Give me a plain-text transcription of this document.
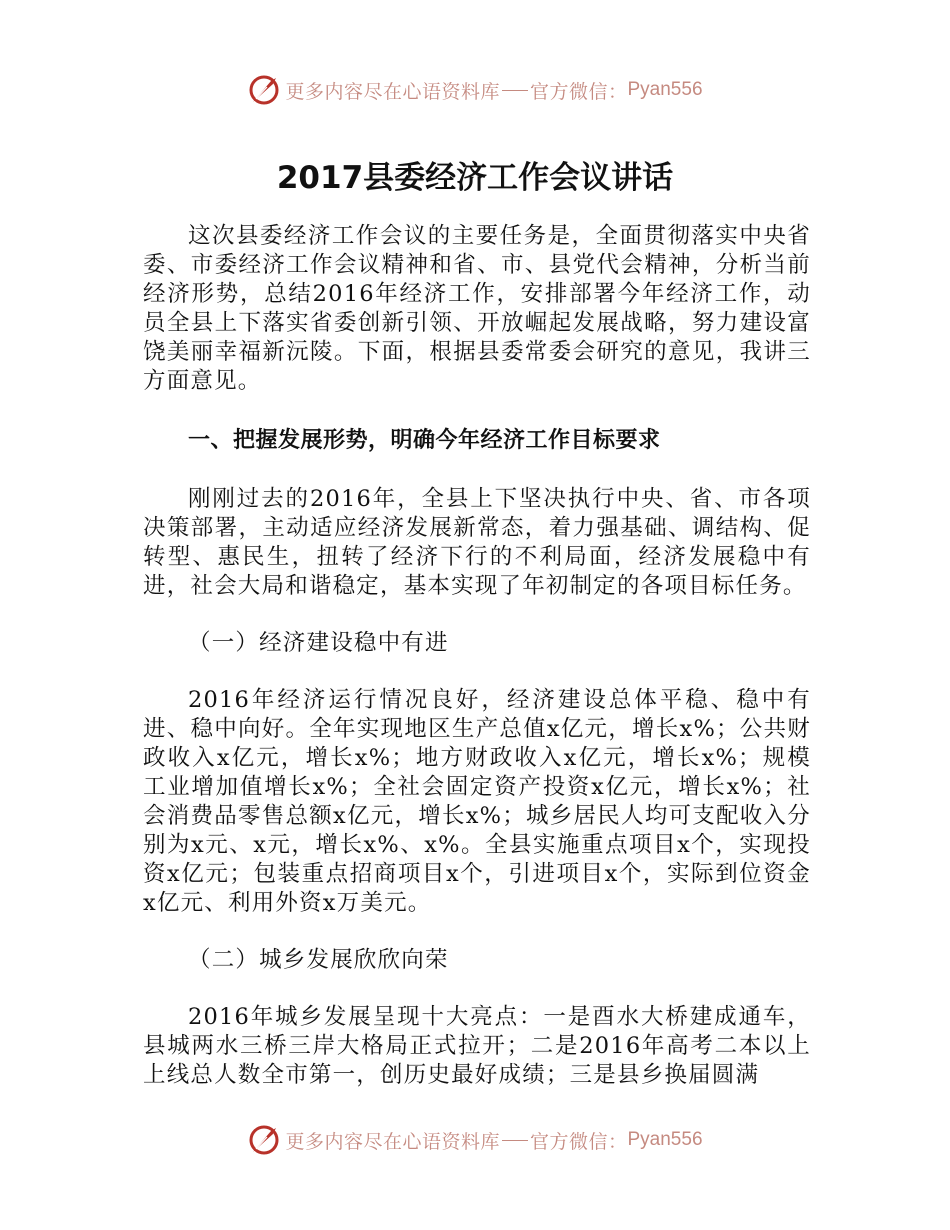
更多内容尽在心语资料库 官方微信： Pyan556
2017县委经济工作会议讲话

这次县委经济工作会议的主要任务是，全面贯彻落实中央省委、市委经济工作会议精神和省、市、县党代会精神，分析当前经济形势，总结2016年经济工作，安排部署今年经济工作，动员全县上下落实省委创新引领、开放崛起发展战略，努力建设富饶美丽幸福新沅陵。下面，根据县委常委会研究的意见，我讲三方面意见。

一、把握发展形势，明确今年经济工作目标要求

刚刚过去的2016年，全县上下坚决执行中央、省、市各项决策部署，主动适应经济发展新常态，着力强基础、调结构、促转型、惠民生，扭转了经济下行的不利局面，经济发展稳中有进，社会大局和谐稳定，基本实现了年初制定的各项目标任务。

（一）经济建设稳中有进

2016年经济运行情况良好，经济建设总体平稳、稳中有进、稳中向好。全年实现地区生产总值x亿元，增长x%；公共财政收入x亿元，增长x%；地方财政收入x亿元，增长x%；规模工业增加值增长x%；全社会固定资产投资x亿元，增长x%；社会消费品零售总额x亿元，增长x%；城乡居民人均可支配收入分别为x元、x元，增长x%、x%。全县实施重点项目x个，实现投资x亿元；包装重点招商项目x个，引进项目x个，实际到位资金x亿元、利用外资x万美元。

（二）城乡发展欣欣向荣

2016年城乡发展呈现十大亮点：一是酉水大桥建成通车，县城两水三桥三岸大格局正式拉开；二是2016年高考二本以上上线总人数全市第一，创历史最好成绩；三是县乡换届圆满

更多内容尽在心语资料库 官方微信： Pyan556
